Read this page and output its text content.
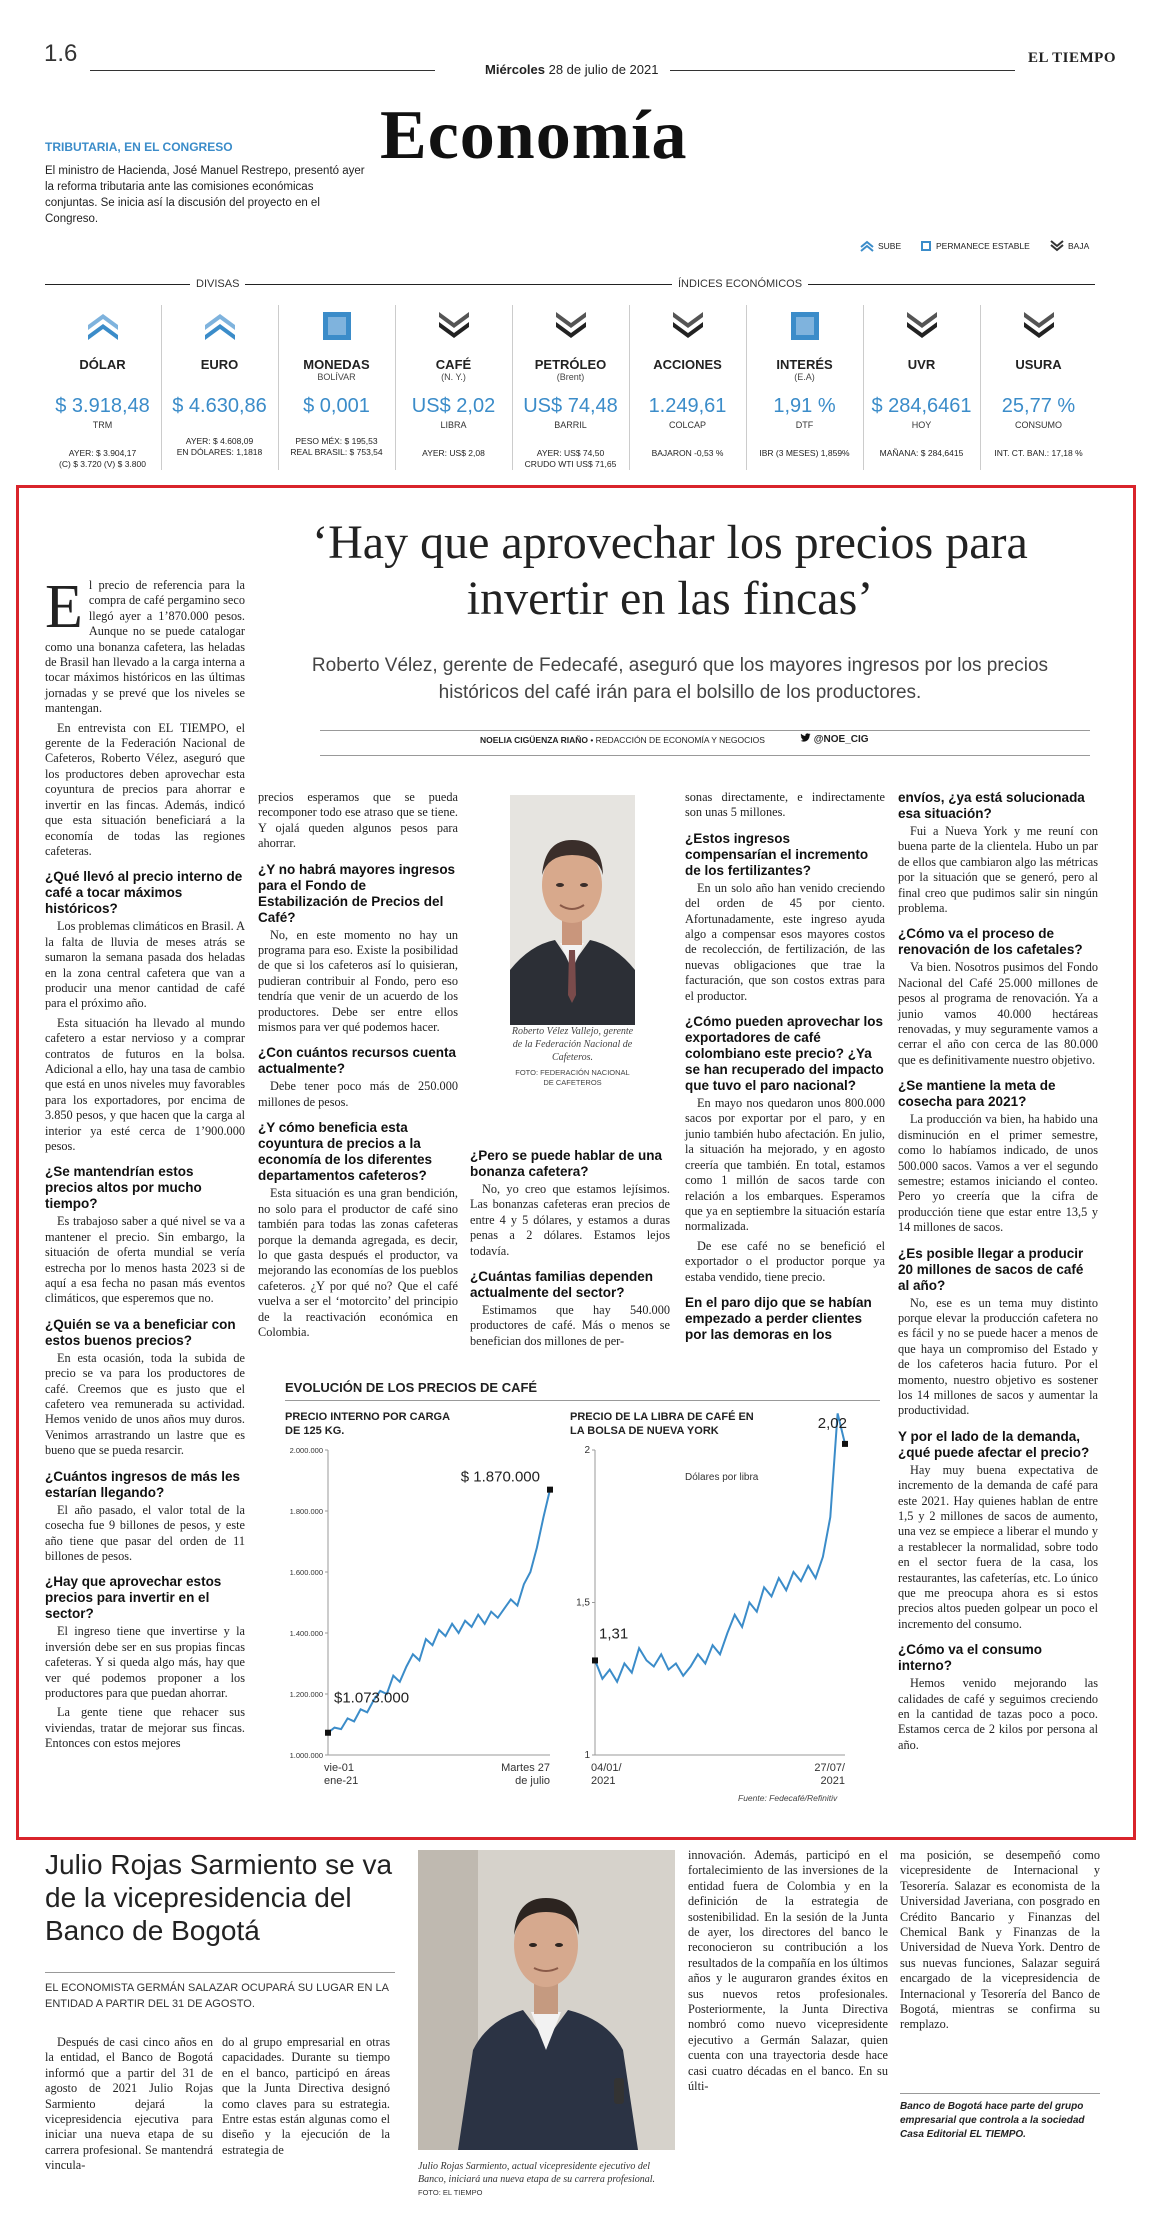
1.6
Miércoles 28 de julio de 2021
EL TIEMPO
Economía
TRIBUTARIA, EN EL CONGRESO
El ministro de Hacienda, José Manuel Restrepo, presentó ayer la reforma tributaria ante las comisiones económicas conjuntas. Se inicia así la discusión del proyecto en el Congreso.
SUBE	PERMANECE ESTABLE	BAJA
DIVISAS	ÍNDICES ECONÓMICOS
DÓLAR
$ 3.918,48
TRM
AYER: $ 3.904,17
(C) $ 3.720 (V) $ 3.800
EURO
$ 4.630,86
AYER: $ 4.608,09
EN DÓLARES: 1,1818
MONEDAS
BOLÍVAR
$ 0,001
PESO MÉX: $ 195,53
REAL BRASIL: $ 753,54
CAFÉ
(N. Y.)
US$ 2,02
LIBRA
AYER: US$ 2,08
PETRÓLEO
(Brent)
US$ 74,48
BARRIL
AYER: US$ 74,50
CRUDO WTI US$ 71,65
ACCIONES
1.249,61
COLCAP
BAJARON -0,53 %
INTERÉS
(E.A)
1,91 %
DTF
IBR (3 MESES) 1,859%
UVR
$ 284,6461
HOY
MAÑANA: $ 284,6415
USURA
25,77 %
CONSUMO
INT. CT. BAN.: 17,18 %
‘Hay que aprovechar los precios para invertir en las fincas’
Roberto Vélez, gerente de Fedecafé, aseguró que los mayores ingresos por los precios históricos del café irán para el bolsillo de los productores.
NOELIA CIGÜENZA RIAÑO • REDACCIÓN DE ECONOMÍA Y NEGOCIOS	@NOE_CIG

El precio de referencia para la compra de café pergamino seco llegó ayer a 1’870.000 pesos. Aunque no se puede catalogar como una bonanza cafetera, las heladas de Brasil han llevado a la carga interna a tocar máximos históricos en las últimas jornadas y se prevé que los niveles se mantengan.

En entrevista con EL TIEMPO, el gerente de la Federación Nacional de Cafeteros, Roberto Vélez, aseguró que los productores deben aprovechar esta coyuntura de precios para ahorrar e invertir en las fincas. Además, indicó que esta situación beneficiará a la economía de todas las regiones cafeteras.

¿Qué llevó al precio interno de café a tocar máximos históricos?

Los problemas climáticos en Brasil. A la falta de lluvia de meses atrás se sumaron la semana pasada dos heladas en la zona central cafetera que van a producir una menor cantidad de café para el próximo año.

Esta situación ha llevado al mundo cafetero a estar nervioso y a comprar contratos de futuros en la bolsa. Adicional a ello, hay una tasa de cambio que está en unos niveles muy favorables para los exportadores, por encima de 3.850 pesos, y que hacen que la carga al interior ya esté cerca de 1’900.000 pesos.

¿Se mantendrían estos precios altos por mucho tiempo?

Es trabajoso saber a qué nivel se va a mantener el precio. Sin embargo, la situación de oferta mundial se vería estrecha por lo menos hasta 2023 si de aquí a esa fecha no pasan más eventos climáticos, que esperemos que no.

¿Quién se va a beneficiar con estos buenos precios?

En esta ocasión, toda la subida de precio se va para los productores de café. Creemos que es justo que el cafetero vea remunerada su actividad. Hemos venido de unos años muy duros. Venimos arrastrando un lastre que es bueno que se pueda resarcir.

¿Cuántos ingresos de más les estarían llegando?

El año pasado, el valor total de la cosecha fue 9 billones de pesos, y este año tiene que pasar del orden de 11 billones de pesos.

¿Hay que aprovechar estos precios para invertir en el sector?

El ingreso tiene que invertirse y la inversión debe ser en sus propias fincas cafeteras. Y si queda algo más, hay que ver qué podemos proponer a los productores para que puedan ahorrar.

La gente tiene que rehacer sus viviendas, tratar de mejorar sus fincas. Entonces con estos mejores

precios esperamos que se pueda recomponer todo ese atraso que se tiene. Y ojalá queden algunos pesos para ahorrar.

¿Y no habrá mayores ingresos para el Fondo de Estabilización de Precios del Café?

No, en este momento no hay un programa para eso. Existe la posibilidad de que si los cafeteros así lo quisieran, pudieran contribuir al Fondo, pero eso tendría que venir de un acuerdo de los productores. Debe ser entre ellos mismos para ver qué podemos hacer.

¿Con cuántos recursos cuenta actualmente?

Debe tener poco más de 250.000 millones de pesos.

¿Y cómo beneficia esta coyuntura de precios a la economía de los diferentes departamentos cafeteros?

Esta situación es una gran bendición, no solo para el productor de café sino también para todas las zonas cafeteras porque la demanda agregada, es decir, lo que gasta después el productor, va mejorando las economías de los pueblos cafeteros. ¿Y por qué no? Que el café vuelva a ser el ‘motorcito’ del principio de la reactivación económica en Colombia.

Roberto Vélez Vallejo, gerente de la Federación Nacional de Cafeteros.
FOTO: FEDERACIÓN NACIONAL DE CAFETEROS
¿Pero se puede hablar de una bonanza cafetera?

No, yo creo que estamos lejísimos. Las bonanzas cafeteras eran precios de entre 4 y 5 dólares, y estamos a duras penas a 2 dólares. Estamos lejos todavía.

¿Cuántas familias dependen actualmente del sector?

Estimamos que hay 540.000 productores de café. Más o menos se benefician dos millones de per-

sonas directamente, e indirectamente son unas 5 millones.

¿Estos ingresos compensarían el incremento de los fertilizantes?

En un solo año han venido creciendo del orden de 45 por ciento. Afortunadamente, este ingreso ayuda algo a compensar esos mayores costos de recolección, de fertilización, de las nuevas obligaciones que trae la facturación, que son costos extras para el productor.

¿Cómo pueden aprovechar los exportadores de café colombiano este precio? ¿Ya se han recuperado del impacto que tuvo el paro nacional?

En mayo nos quedaron unos 800.000 sacos por exportar por el paro, y en junio también hubo afectación. En julio, la situación ha mejorado, y en agosto creería que también. En total, estamos como 1 millón de sacos tarde con relación a los embarques. Esperamos que ya en septiembre la situación estaría normalizada.

De ese café no se benefició el exportador o el productor porque ya estaba vendido, tiene precio.

En el paro dijo que se habían empezado a perder clientes por las demoras en los
envíos, ¿ya está solucionada esa situación?

Fui a Nueva York y me reuní con buena parte de la clientela. Hubo un par de ellos que cambiaron algo las métricas por la situación que se generó, pero al final creo que pudimos salir sin ningún problema.

¿Cómo va el proceso de renovación de los cafetales?

Va bien. Nosotros pusimos del Fondo Nacional del Café 25.000 millones de pesos al programa de renovación. Ya a junio vamos 40.000 hectáreas renovadas, y muy seguramente vamos a cerrar el año con cerca de las 80.000 que es definitivamente nuestro objetivo.

¿Se mantiene la meta de cosecha para 2021?

La producción va bien, ha habido una disminución en el primer semestre, como lo habíamos indicado, de unos 500.000 sacos. Vamos a ver el segundo semestre; estamos iniciando el conteo. Pero yo creería que la cifra de producción tiene que estar entre 13,5 y 14 millones de sacos.

¿Es posible llegar a producir 20 millones de sacos de café al año?

No, ese es un tema muy distinto porque elevar la producción cafetera no es fácil y no se puede hacer a menos de que haya un compromiso del Estado y de los cafeteros hacia futuro. Por el momento, nuestro objetivo es sostener los 14 millones de sacos y aumentar la productividad.

Y por el lado de la demanda, ¿qué puede afectar el precio?

Hay muy buena expectativa de incremento de la demanda de café para este 2021. Hay quienes hablan de entre 1,5 y 2 millones de sacos de aumento, una vez se empiece a liberar el mundo y a restablecer la normalidad, sobre todo en el sector fuera de la casa, los restaurantes, las cafeterías, etc. Lo único que me preocupa ahora es si estos precios altos pueden golpear un poco el incremento del consumo.

¿Cómo va el consumo interno?

Hemos venido mejorando las calidades de café y seguimos creciendo en la cantidad de tazas poco a poco. Estamos cerca de 2 kilos por persona al año.

EVOLUCIÓN DE LOS PRECIOS DE CAFÉ
PRECIO INTERNO POR CARGA DE 125 KG.
PRECIO DE LA LIBRA DE CAFÉ EN LA BOLSA DE NUEVA YORK
1.000.000
1.200.000
1.400.000
1.600.000
1.800.000
2.000.000
$1.073.000
$ 1.870.000
vie-01
ene-21
Martes 27
de julio
1
1,5
2
1,31
2,02
Dólares por libra
04/01/
2021
27/07/
2021
Fuente: Fedecafé/Refinitiv
Julio Rojas Sarmiento se va de la vicepresidencia del Banco de Bogotá
EL ECONOMISTA GERMÁN SALAZAR OCUPARÁ SU LUGAR EN LA ENTIDAD A PARTIR DEL 31 DE AGOSTO.

Después de casi cinco años en la entidad, el Banco de Bogotá informó que a partir del 31 de agosto de 2021 Julio Rojas Sarmiento dejará la vicepresidencia ejecutiva para iniciar una nueva etapa de su carrera profesional. Se mantendrá vincula-

do al grupo empresarial en otras capacidades. Durante su tiempo en el banco, participó en áreas que la Junta Directiva designó como claves para su estrategia. Entre estas están algunas como el diseño y la ejecución de la estrategia de

Julio Rojas Sarmiento, actual vicepresidente ejecutivo del Banco, iniciará una nueva etapa de su carrera profesional. FOTO: EL TIEMPO

innovación. Además, participó en el fortalecimiento de las inversiones de la entidad fuera de Colombia y en la definición de la estrategia de sostenibilidad. En la sesión de la Junta de ayer, los directores del banco le reconocieron su contribución a los resultados de la compañía en los últimos años y le auguraron grandes éxitos en sus nuevos retos profesionales. Posteriormente, la Junta Directiva nombró como nuevo vicepresidente ejecutivo a Germán Salazar, quien cuenta con una trayectoria desde hace casi cuatro décadas en el banco. En su últi-

ma posición, se desempeñó como vicepresidente de Internacional y Tesorería. Salazar es economista de la Universidad Javeriana, con posgrado en Crédito Bancario y Finanzas del Chemical Bank y Finanzas de la Universidad de Nueva York. Dentro de sus nuevas funciones, Salazar seguirá encargado de la vicepresidencia de Internacional y Tesorería del Banco de Bogotá, mientras se confirma su remplazo.

Banco de Bogotá hace parte del grupo empresarial que controla a la sociedad Casa Editorial EL TIEMPO.
